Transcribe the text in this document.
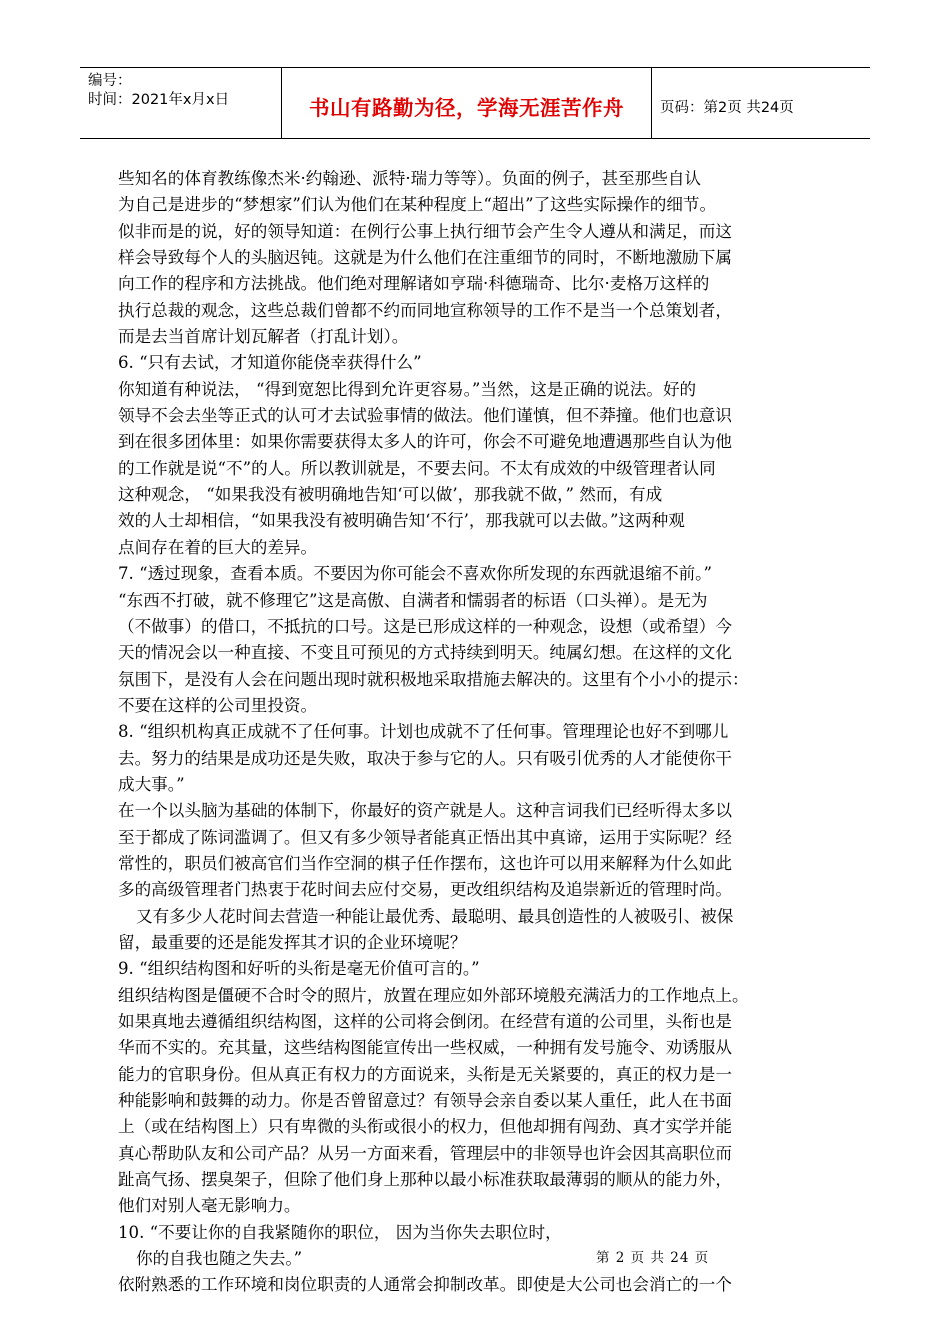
编号：
时间：2021年x月x日	书山有路勤为径，学海无涯苦作舟 页码：第2页 共24页

些知名的体育教练像杰米·约翰逊、派特·瑞力等等）。负面的例子，甚至那些自认

为自己是进步的“梦想家”们认为他们在某种程度上“超出”了这些实际操作的细节。

似非而是的说，好的领导知道：在例行公事上执行细节会产生令人遵从和满足，而这

样会导致每个人的头脑迟钝。这就是为什么他们在注重细节的同时，不断地激励下属

向工作的程序和方法挑战。他们绝对理解诸如亨瑞·科德瑞奇、比尔·麦格万这样的

执行总裁的观念，这些总裁们曾都不约而同地宣称领导的工作不是当一个总策划者，

而是去当首席计划瓦解者（打乱计划）。

6. “只有去试，才知道你能侥幸获得什么”

你知道有种说法， “得到宽恕比得到允许更容易。”当然，这是正确的说法。好的

领导不会去坐等正式的认可才去试验事情的做法。他们谨慎，但不莽撞。他们也意识

到在很多团体里：如果你需要获得太多人的许可，你会不可避免地遭遇那些自认为他

的工作就是说“不”的人。所以教训就是，不要去问。不太有成效的中级管理者认同

这种观念， “如果我没有被明确地告知‘可以做’，那我就不做，” 然而，有成

效的人士却相信，“如果我没有被明确告知‘不行’，那我就可以去做。”这两种观

点间存在着的巨大的差异。

7. “透过现象，查看本质。不要因为你可能会不喜欢你所发现的东西就退缩不前。”

“东西不打破，就不修理它”这是高傲、自满者和懦弱者的标语（口头禅）。是无为

（不做事）的借口，不抵抗的口号。这是已形成这样的一种观念，设想（或希望）今

天的情况会以一种直接、不变且可预见的方式持续到明天。纯属幻想。在这样的文化

氛围下，是没有人会在问题出现时就积极地采取措施去解决的。这里有个小小的提示：

不要在这样的公司里投资。

8. “组织机构真正成就不了任何事。计划也成就不了任何事。管理理论也好不到哪儿

去。努力的结果是成功还是失败，取决于参与它的人。只有吸引优秀的人才能使你干

成大事。”

在一个以头脑为基础的体制下，你最好的资产就是人。这种言词我们已经听得太多以

至于都成了陈词滥调了。但又有多少领导者能真正悟出其中真谛，运用于实际呢？经

常性的，职员们被高官们当作空洞的棋子任作摆布，这也许可以用来解释为什么如此

多的高级管理者门热衷于花时间去应付交易，更改组织结构及追崇新近的管理时尚。

又有多少人花时间去营造一种能让最优秀、最聪明、最具创造性的人被吸引、被保

留，最重要的还是能发挥其才识的企业环境呢？

9. “组织结构图和好听的头衔是毫无价值可言的。”

组织结构图是僵硬不合时令的照片，放置在理应如外部环境般充满活力的工作地点上。

如果真地去遵循组织结构图，这样的公司将会倒闭。在经营有道的公司里，头衔也是

华而不实的。充其量，这些结构图能宣传出一些权威，一种拥有发号施令、劝诱服从

能力的官职身份。但从真正有权力的方面说来，头衔是无关紧要的，真正的权力是一

种能影响和鼓舞的动力。你是否曾留意过？有领导会亲自委以某人重任，此人在书面

上（或在结构图上）只有卑微的头衔或很小的权力，但他却拥有闯劲、真才实学并能

真心帮助队友和公司产品？从另一方面来看，管理层中的非领导也许会因其高职位而

趾高气扬、摆臭架子，但除了他们身上那种以最小标准获取最薄弱的顺从的能力外，

他们对别人毫无影响力。

10. “不要让你的自我紧随你的职位， 因为当你失去职位时，

你的自我也随之失去。”

依附熟悉的工作环境和岗位职责的人通常会抑制改革。即使是大公司也会消亡的一个

第 2 页 共 24 页
